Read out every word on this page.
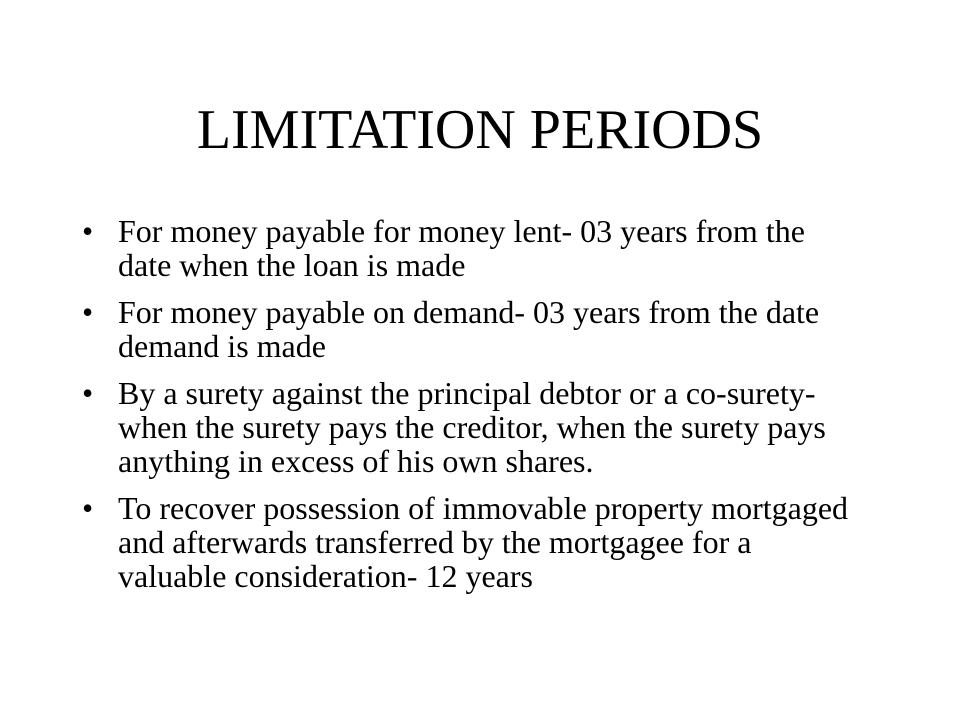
LIMITATION PERIODS
• For money payable for money lent- 03 years from the date when the loan is made
• For money payable on demand- 03 years from the date demand is made
• By a surety against the principal debtor or a co-surety- when the surety pays the creditor, when the surety pays anything in excess of his own shares.
• To recover possession of immovable property mortgaged and afterwards transferred by the mortgagee for a valuable consideration- 12 years
